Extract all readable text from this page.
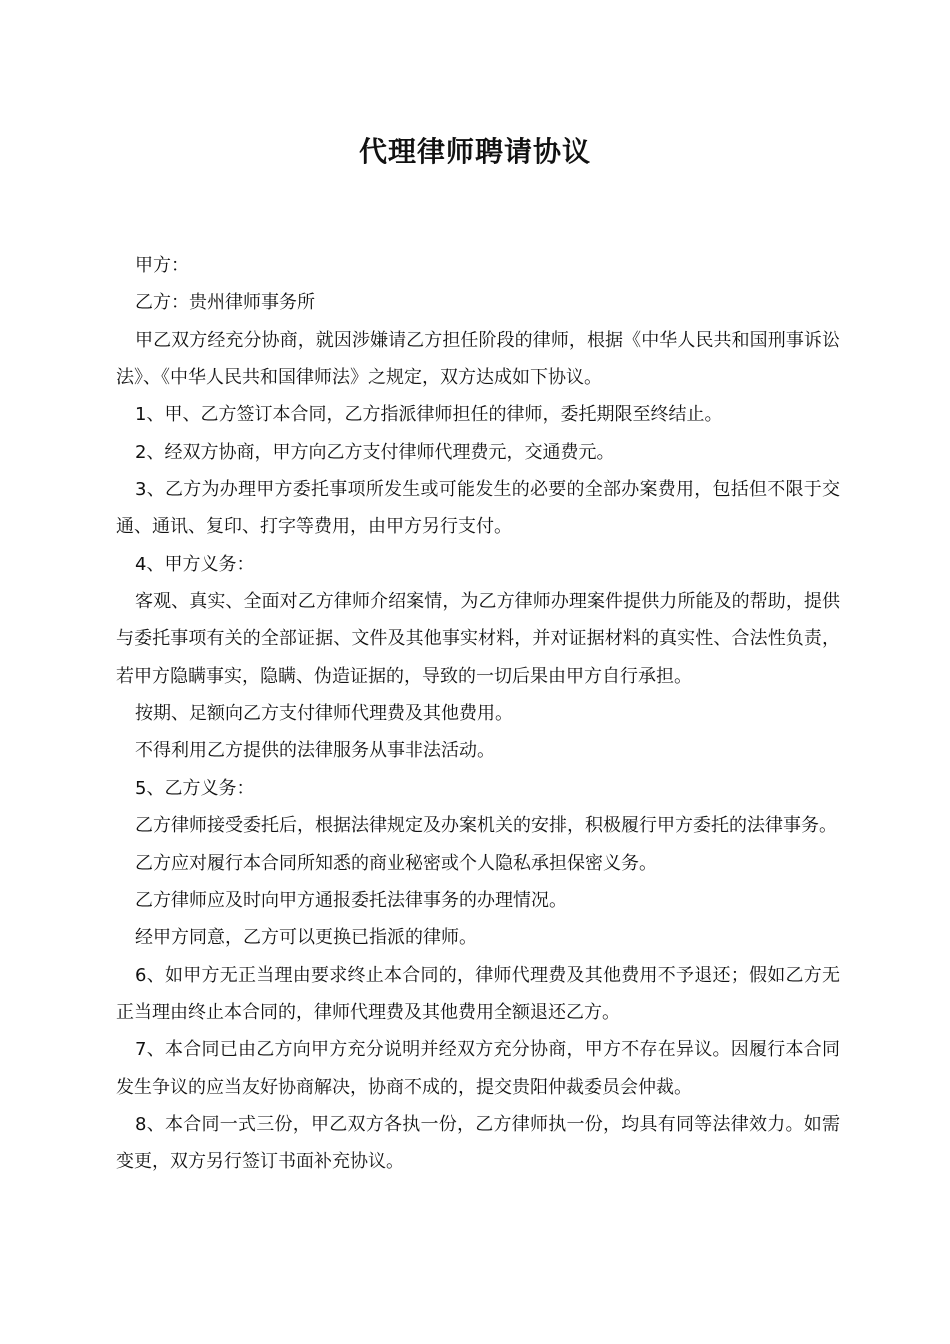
代理律师聘请协议

甲方：

乙方：贵州律师事务所

甲乙双方经充分协商，就因涉嫌请乙方担任阶段的律师，根据《中华人民共和国刑事诉讼法》、《中华人民共和国律师法》之规定，双方达成如下协议。

1、甲、乙方签订本合同，乙方指派律师担任的律师，委托期限至终结止。

2、经双方协商，甲方向乙方支付律师代理费元，交通费元。

3、乙方为办理甲方委托事项所发生或可能发生的必要的全部办案费用，包括但不限于交通、通讯、复印、打字等费用，由甲方另行支付。

4、甲方义务：

客观、真实、全面对乙方律师介绍案情，为乙方律师办理案件提供力所能及的帮助，提供与委托事项有关的全部证据、文件及其他事实材料，并对证据材料的真实性、合法性负责，若甲方隐瞒事实，隐瞒、伪造证据的，导致的一切后果由甲方自行承担。

按期、足额向乙方支付律师代理费及其他费用。

不得利用乙方提供的法律服务从事非法活动。

5、乙方义务：

乙方律师接受委托后，根据法律规定及办案机关的安排，积极履行甲方委托的法律事务。

乙方应对履行本合同所知悉的商业秘密或个人隐私承担保密义务。

乙方律师应及时向甲方通报委托法律事务的办理情况。

经甲方同意，乙方可以更换已指派的律师。

6、如甲方无正当理由要求终止本合同的，律师代理费及其他费用不予退还；假如乙方无正当理由终止本合同的，律师代理费及其他费用全额退还乙方。

7、本合同已由乙方向甲方充分说明并经双方充分协商，甲方不存在异议。因履行本合同发生争议的应当友好协商解决，协商不成的，提交贵阳仲裁委员会仲裁。

8、本合同一式三份，甲乙双方各执一份，乙方律师执一份，均具有同等法律效力。如需变更，双方另行签订书面补充协议。
